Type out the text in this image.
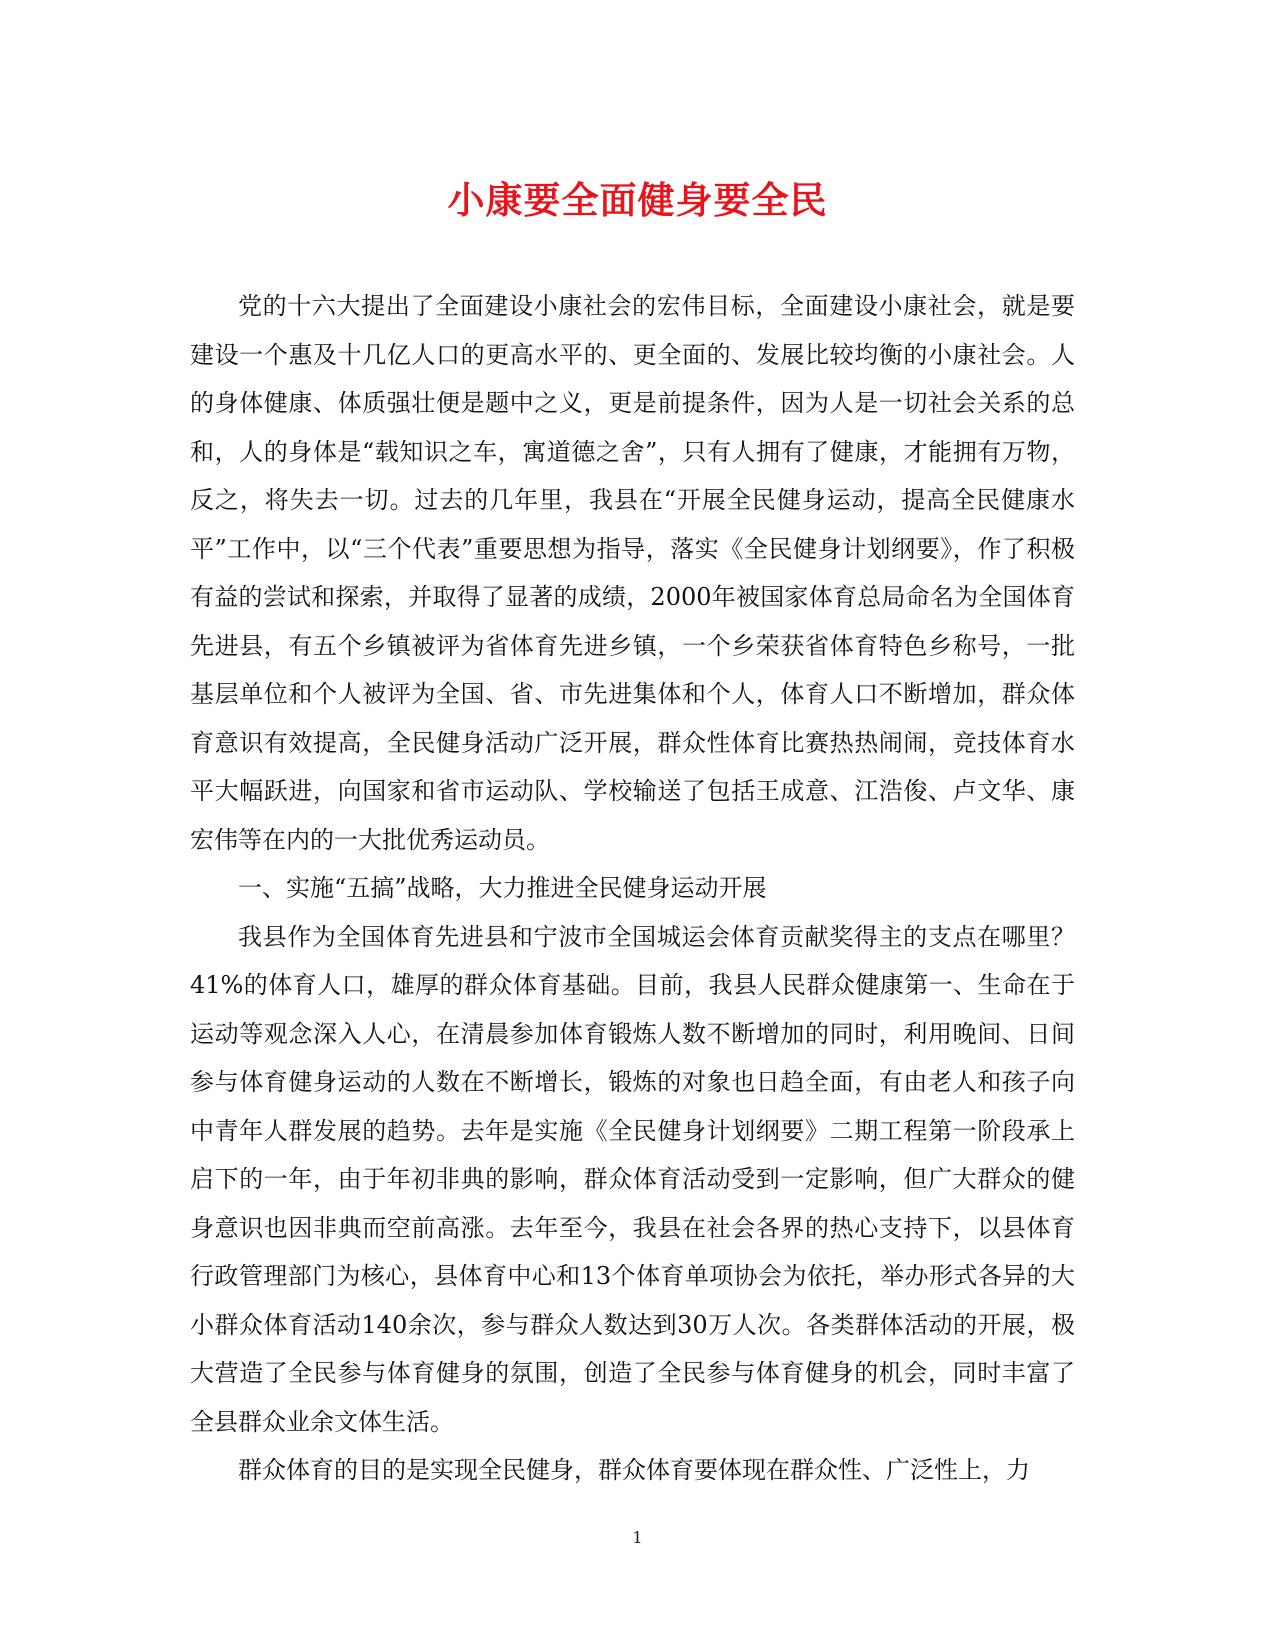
小康要全面健身要全民

党的十六大提出了全面建设小康社会的宏伟目标，全面建设小康社会，就是要建设一个惠及十几亿人口的更高水平的、更全面的、发展比较均衡的小康社会。人的身体健康、体质强壮便是题中之义，更是前提条件，因为人是一切社会关系的总和，人的身体是“载知识之车，寓道德之舍”，只有人拥有了健康，才能拥有万物，反之，将失去一切。过去的几年里，我县在“开展全民健身运动，提高全民健康水平”工作中，以“三个代表”重要思想为指导，落实《全民健身计划纲要》，作了积极有益的尝试和探索，并取得了显著的成绩，2000年被国家体育总局命名为全国体育先进县，有五个乡镇被评为省体育先进乡镇，一个乡荣获省体育特色乡称号，一批基层单位和个人被评为全国、省、市先进集体和个人，体育人口不断增加，群众体育意识有效提高，全民健身活动广泛开展，群众性体育比赛热热闹闹，竞技体育水平大幅跃进，向国家和省市运动队、学校输送了包括王成意、江浩俊、卢文华、康宏伟等在内的一大批优秀运动员。

一、实施“五搞”战略，大力推进全民健身运动开展

我县作为全国体育先进县和宁波市全国城运会体育贡献奖得主的支点在哪里？41%的体育人口，雄厚的群众体育基础。目前，我县人民群众健康第一、生命在于运动等观念深入人心，在清晨参加体育锻炼人数不断增加的同时，利用晚间、日间参与体育健身运动的人数在不断增长，锻炼的对象也日趋全面，有由老人和孩子向中青年人群发展的趋势。去年是实施《全民健身计划纲要》二期工程第一阶段承上启下的一年，由于年初非典的影响，群众体育活动受到一定影响，但广大群众的健身意识也因非典而空前高涨。去年至今，我县在社会各界的热心支持下，以县体育行政管理部门为核心，县体育中心和13个体育单项协会为依托，举办形式各异的大小群众体育活动140余次，参与群众人数达到30万人次。各类群体活动的开展，极大营造了全民参与体育健身的氛围，创造了全民参与体育健身的机会，同时丰富了全县群众业余文体生活。

群众体育的目的是实现全民健身，群众体育要体现在群众性、广泛性上，力

1
